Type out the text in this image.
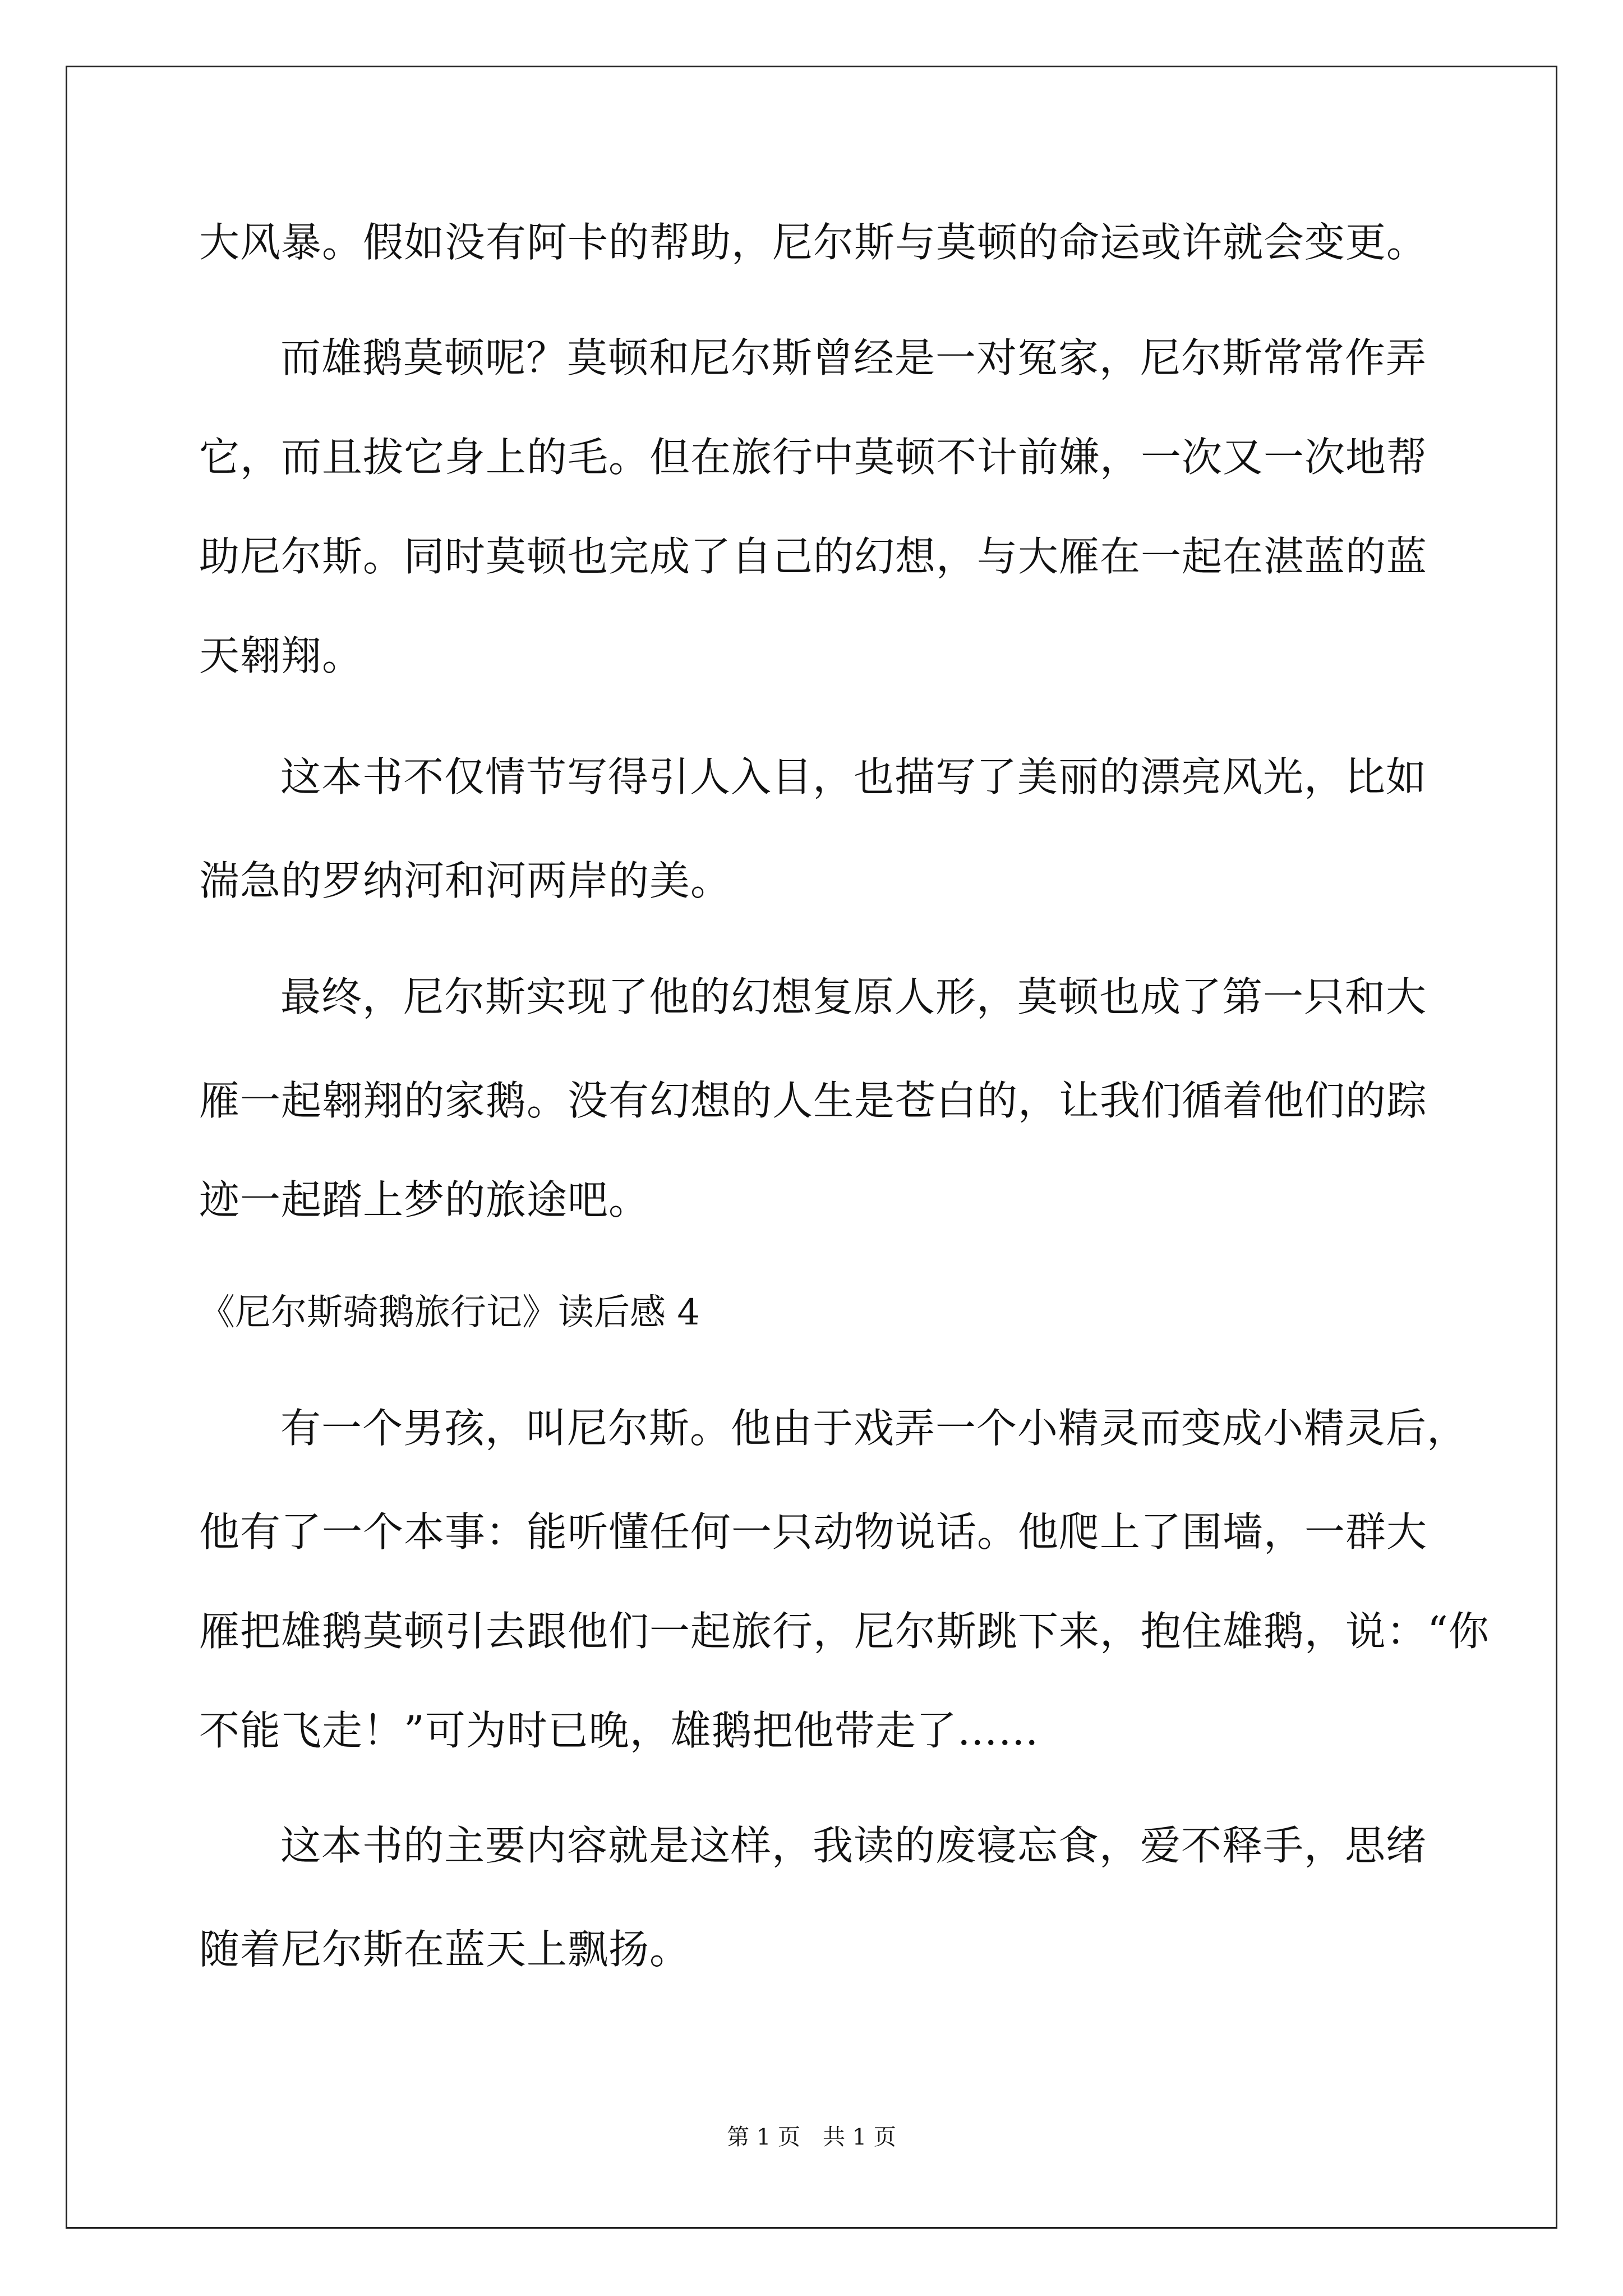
大风暴。假如没有阿卡的帮助，尼尔斯与莫顿的命运或许就会变更。

而雄鹅莫顿呢？莫顿和尼尔斯曾经是一对冤家，尼尔斯常常作弄

它，而且拔它身上的毛。但在旅行中莫顿不计前嫌，一次又一次地帮

助尼尔斯。同时莫顿也完成了自己的幻想，与大雁在一起在湛蓝的蓝

天翱翔。

这本书不仅情节写得引人入目，也描写了美丽的漂亮风光，比如

湍急的罗纳河和河两岸的美。

最终，尼尔斯实现了他的幻想复原人形，莫顿也成了第一只和大

雁一起翱翔的家鹅。没有幻想的人生是苍白的，让我们循着他们的踪

迹一起踏上梦的旅途吧。

《尼尔斯骑鹅旅行记》读后感 4

有一个男孩，叫尼尔斯。他由于戏弄一个小精灵而变成小精灵后，

他有了一个本事：能听懂任何一只动物说话。他爬上了围墙，一群大

雁把雄鹅莫顿引去跟他们一起旅行，尼尔斯跳下来，抱住雄鹅，说：“你

不能飞走！”可为时已晚，雄鹅把他带走了……

这本书的主要内容就是这样，我读的废寝忘食，爱不释手，思绪

随着尼尔斯在蓝天上飘扬。

第 1 页　共 1 页
